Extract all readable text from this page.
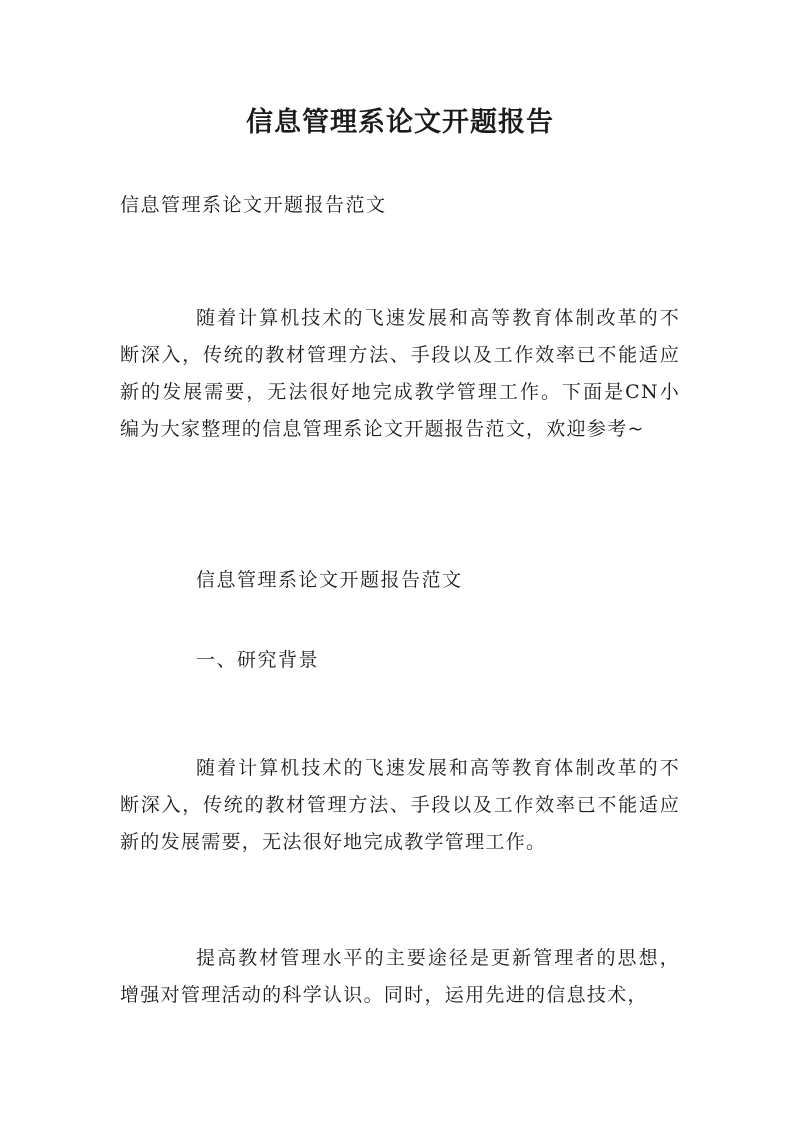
信息管理系论文开题报告

信息管理系论文开题报告范文

随着计算机技术的飞速发展和高等教育体制改革的不断深入，传统的教材管理方法、手段以及工作效率已不能适应新的发展需要，无法很好地完成教学管理工作。下面是CN小编为大家整理的信息管理系论文开题报告范文，欢迎参考~

信息管理系论文开题报告范文

一、研究背景

随着计算机技术的飞速发展和高等教育体制改革的不断深入，传统的教材管理方法、手段以及工作效率已不能适应新的发展需要，无法很好地完成教学管理工作。

提高教材管理水平的主要途径是更新管理者的思想，增强对管理活动的科学认识。同时，运用先进的信息技术，
